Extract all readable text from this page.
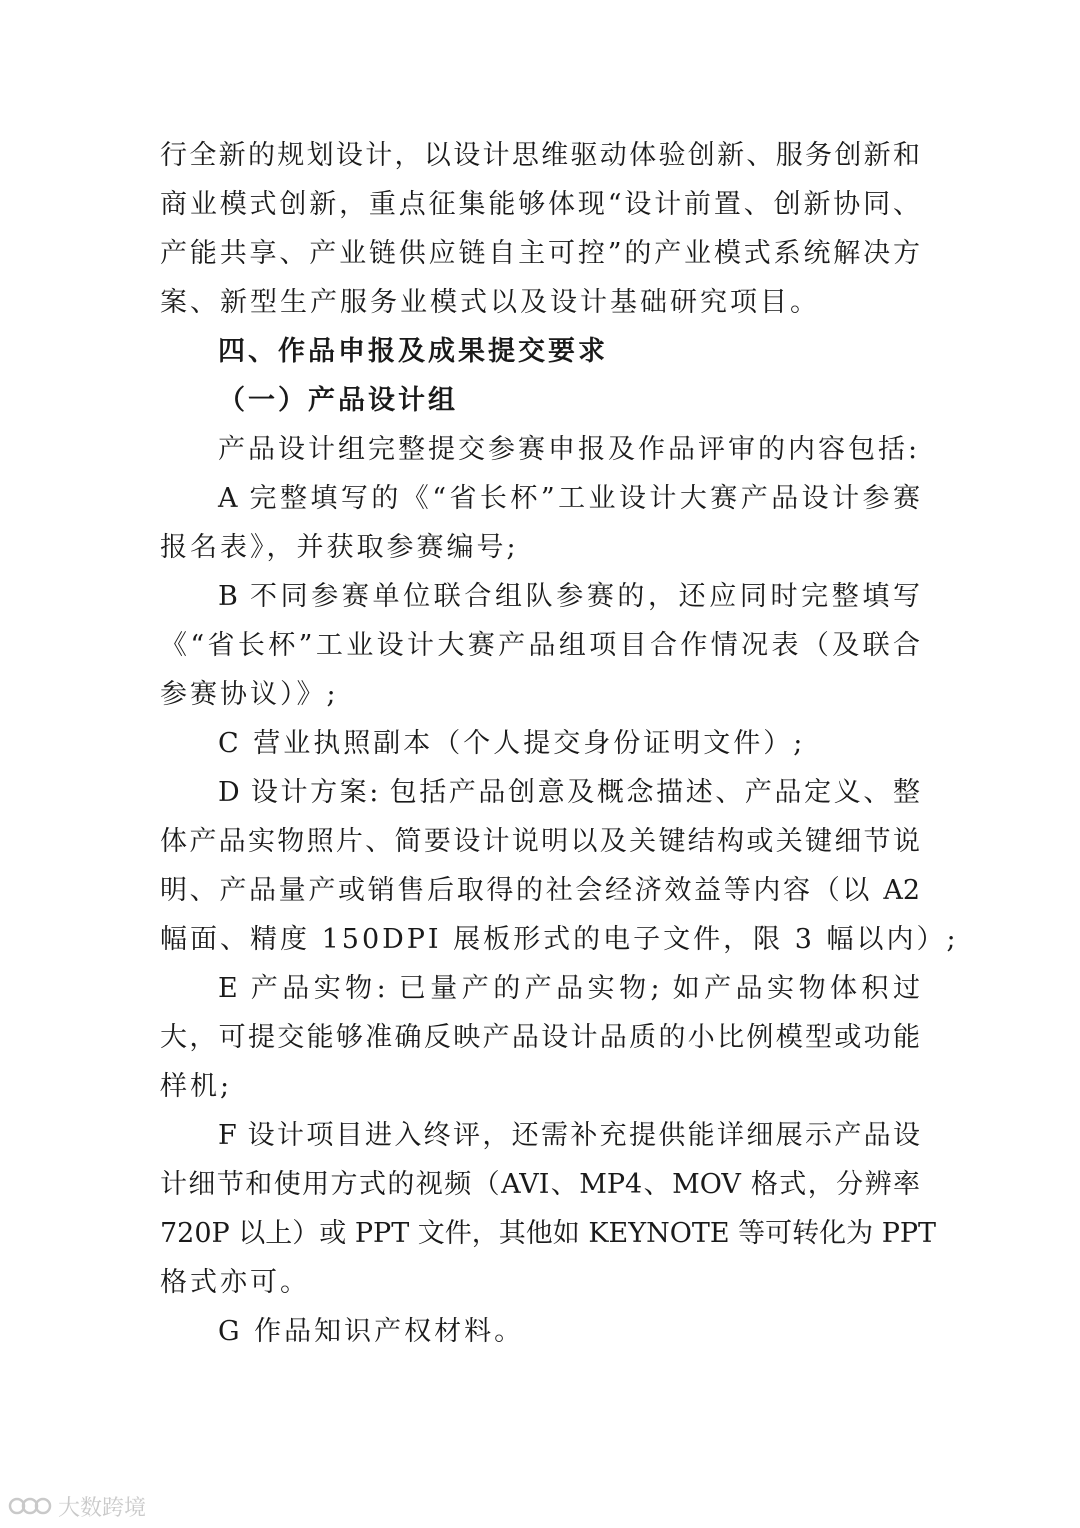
行全新的规划设计，以设计思维驱动体验创新、服务创新和
商业模式创新，重点征集能够体现“设计前置、创新协同、
产能共享、产业链供应链自主可控”的产业模式系统解决方
案、新型生产服务业模式以及设计基础研究项目。
四、作品申报及成果提交要求
（一）产品设计组
产品设计组完整提交参赛申报及作品评审的内容包括:
A 完整填写的《“省长杯”工业设计大赛产品设计参赛
报名表》，并获取参赛编号;
B 不同参赛单位联合组队参赛的，还应同时完整填写
《“省长杯”工业设计大赛产品组项目合作情况表（及联合
参赛协议）》;
C 营业执照副本（个人提交身份证明文件）;
D 设计方案: 包括产品创意及概念描述、产品定义、整
体产品实物照片、简要设计说明以及关键结构或关键细节说
明、产品量产或销售后取得的社会经济效益等内容（以 A2
幅面、精度 150DPI 展板形式的电子文件，限 3 幅以内）;
E 产品实物: 已量产的产品实物; 如产品实物体积过
大，可提交能够准确反映产品设计品质的小比例模型或功能
样机;
F 设计项目进入终评，还需补充提供能详细展示产品设
计细节和使用方式的视频（AVI、MP4、MOV 格式，分辨率
720P 以上）或 PPT 文件，其他如 KEYNOTE 等可转化为 PPT
格式亦可。
G 作品知识产权材料。
大数跨境
